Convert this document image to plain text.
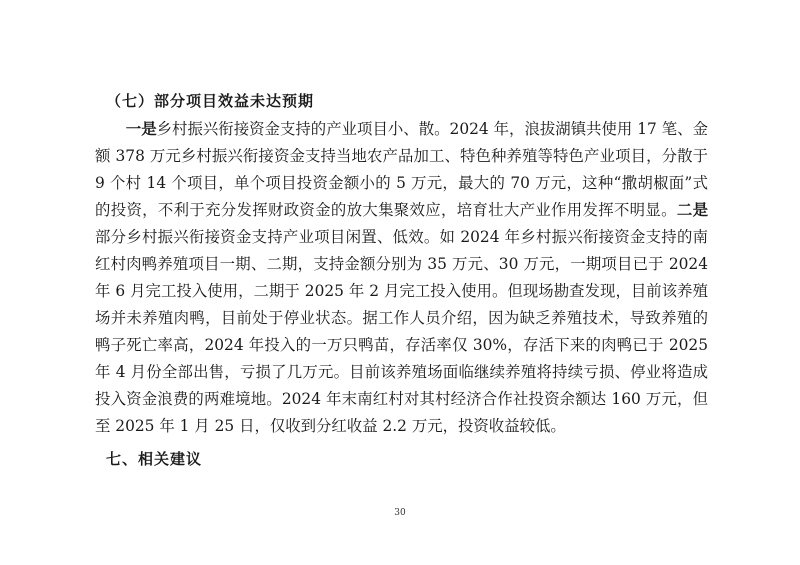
（七）部分项目效益未达预期

一是乡村振兴衔接资金支持的产业项目小、散。2024 年，浪拔湖镇共使用 17 笔、金额 378 万元乡村振兴衔接资金支持当地农产品加工、特色种养殖等特色产业项目，分散于 9 个村 14 个项目，单个项目投资金额小的 5 万元，最大的 70 万元，这种“撒胡椒面”式的投资，不利于充分发挥财政资金的放大集聚效应，培育壮大产业作用发挥不明显。二是部分乡村振兴衔接资金支持产业项目闲置、低效。如 2024 年乡村振兴衔接资金支持的南红村肉鸭养殖项目一期、二期，支持金额分别为 35 万元、30 万元，一期项目已于 2024 年 6 月完工投入使用，二期于 2025 年 2 月完工投入使用。但现场勘查发现，目前该养殖场并未养殖肉鸭，目前处于停业状态。据工作人员介绍，因为缺乏养殖技术，导致养殖的鸭子死亡率高，2024 年投入的一万只鸭苗，存活率仅 30%，存活下来的肉鸭已于 2025 年 4 月份全部出售，亏损了几万元。目前该养殖场面临继续养殖将持续亏损、停业将造成投入资金浪费的两难境地。2024 年末南红村对其村经济合作社投资余额达 160 万元，但至 2025 年 1 月 25 日，仅收到分红收益 2.2 万元，投资收益较低。

七、相关建议
30
